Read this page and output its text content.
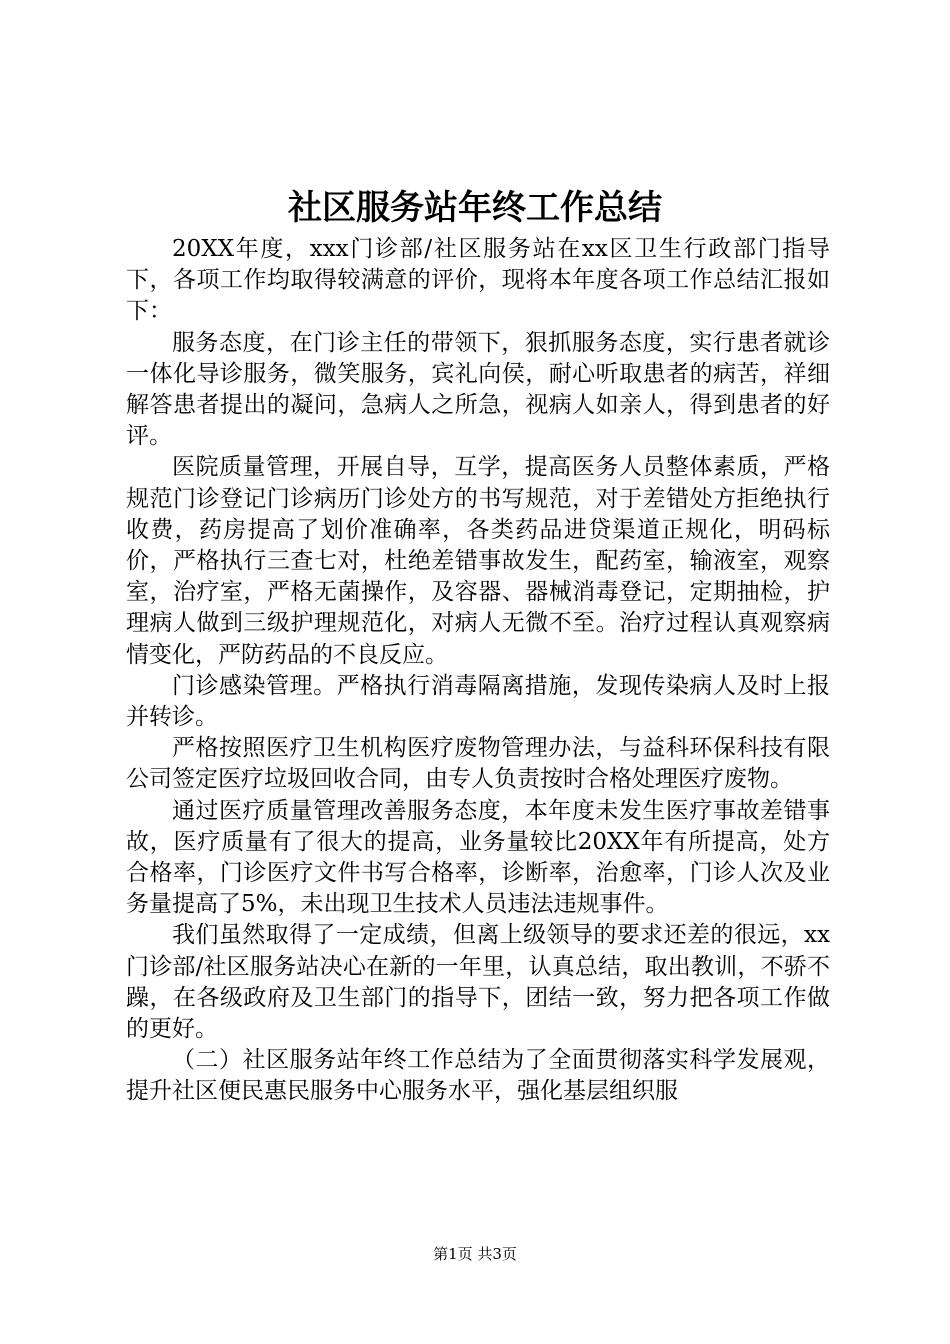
社区服务站年终工作总结

20XX年度，xxx门诊部/社区服务站在xx区卫生行政部门指导下，各项工作均取得较满意的评价，现将本年度各项工作总结汇报如下：

服务态度，在门诊主任的带领下，狠抓服务态度，实行患者就诊一体化导诊服务，微笑服务，宾礼向侯，耐心听取患者的病苦，祥细解答患者提出的凝问，急病人之所急，视病人如亲人，得到患者的好评。

医院质量管理，开展自导，互学，提高医务人员整体素质，严格规范门诊登记门诊病历门诊处方的书写规范，对于差错处方拒绝执行收费，药房提高了划价准确率，各类药品进贷渠道正规化，明码标价，严格执行三查七对，杜绝差错事故发生，配药室，输液室，观察室，治疗室，严格无菌操作，及容器、器械消毒登记，定期抽检，护理病人做到三级护理规范化，对病人无微不至。治疗过程认真观察病情变化，严防药品的不良反应。

门诊感染管理。严格执行消毒隔离措施，发现传染病人及时上报并转诊。

严格按照医疗卫生机构医疗废物管理办法，与益科环保科技有限公司签定医疗垃圾回收合同，由专人负责按时合格处理医疗废物。

通过医疗质量管理改善服务态度，本年度未发生医疗事故差错事故，医疗质量有了很大的提高，业务量较比20XX年有所提高，处方合格率，门诊医疗文件书写合格率，诊断率，治愈率，门诊人次及业务量提高了5%，未出现卫生技术人员违法违规事件。

我们虽然取得了一定成绩，但离上级领导的要求还差的很远，xx门诊部/社区服务站决心在新的一年里，认真总结，取出教训，不骄不躁，在各级政府及卫生部门的指导下，团结一致，努力把各项工作做的更好。

（二）社区服务站年终工作总结为了全面贯彻落实科学发展观，提升社区便民惠民服务中心服务水平，强化基层组织服

第1页 共3页
